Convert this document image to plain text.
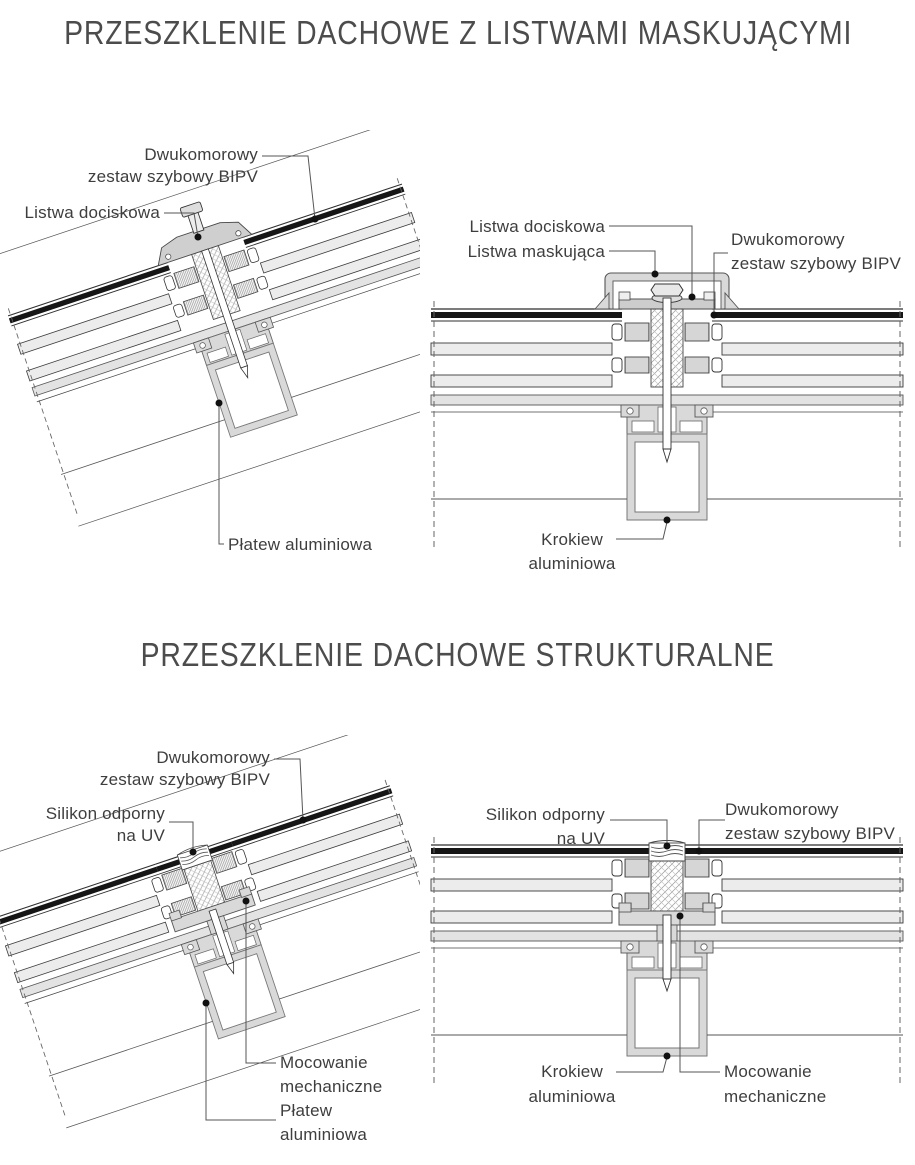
PRZESZKLENIE DACHOWE Z LISTWAMI MASKUJĄCYMI
Dwukomorowy
zestaw szybowy BIPV
Listwa dociskowa
Płatew aluminiowa
Listwa dociskowa
Listwa maskująca
Dwukomorowy
zestaw szybowy BIPV
Krokiew
aluminiowa
PRZESZKLENIE DACHOWE STRUKTURALNE
Dwukomorowy
zestaw szybowy BIPV
Silikon odporny
na UV
Mocowanie
mechaniczne
Płatew
aluminiowa
Silikon odporny
na UV
Dwukomorowy
zestaw szybowy BIPV
Krokiew
aluminiowa
Mocowanie
mechaniczne
